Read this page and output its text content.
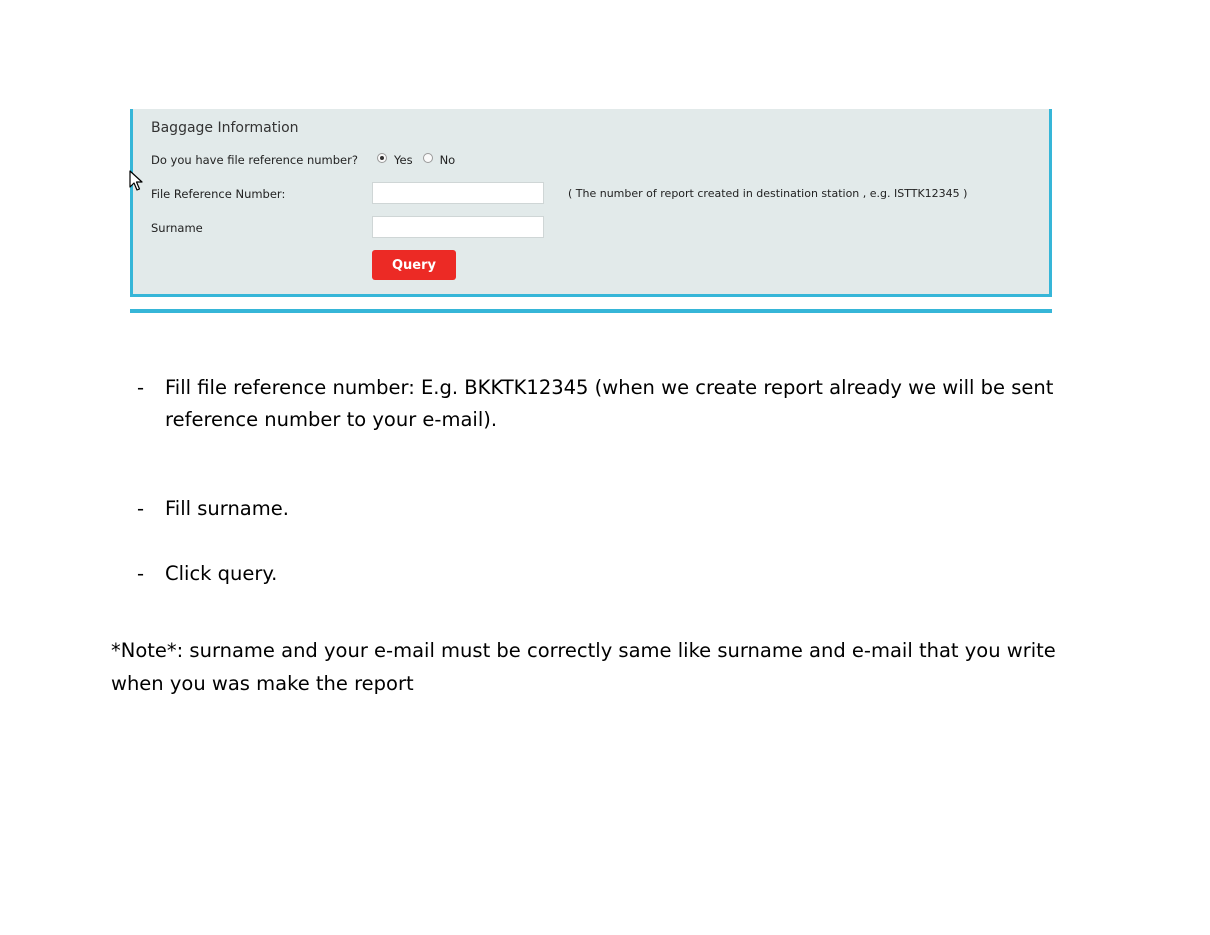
Baggage Information
Do you have file reference number?	Yes No
File Reference Number:	( The number of report created in destination station , e.g. ISTTK12345 )
Surname
Query
-	Fill file reference number: E.g. BKKTK12345 (when we create report already we will be sent reference number to your e-mail).
-	Fill surname.
-	Click query.
*Note*: surname and your e-mail must be correctly same like surname and e-mail that you write when you was make the report
